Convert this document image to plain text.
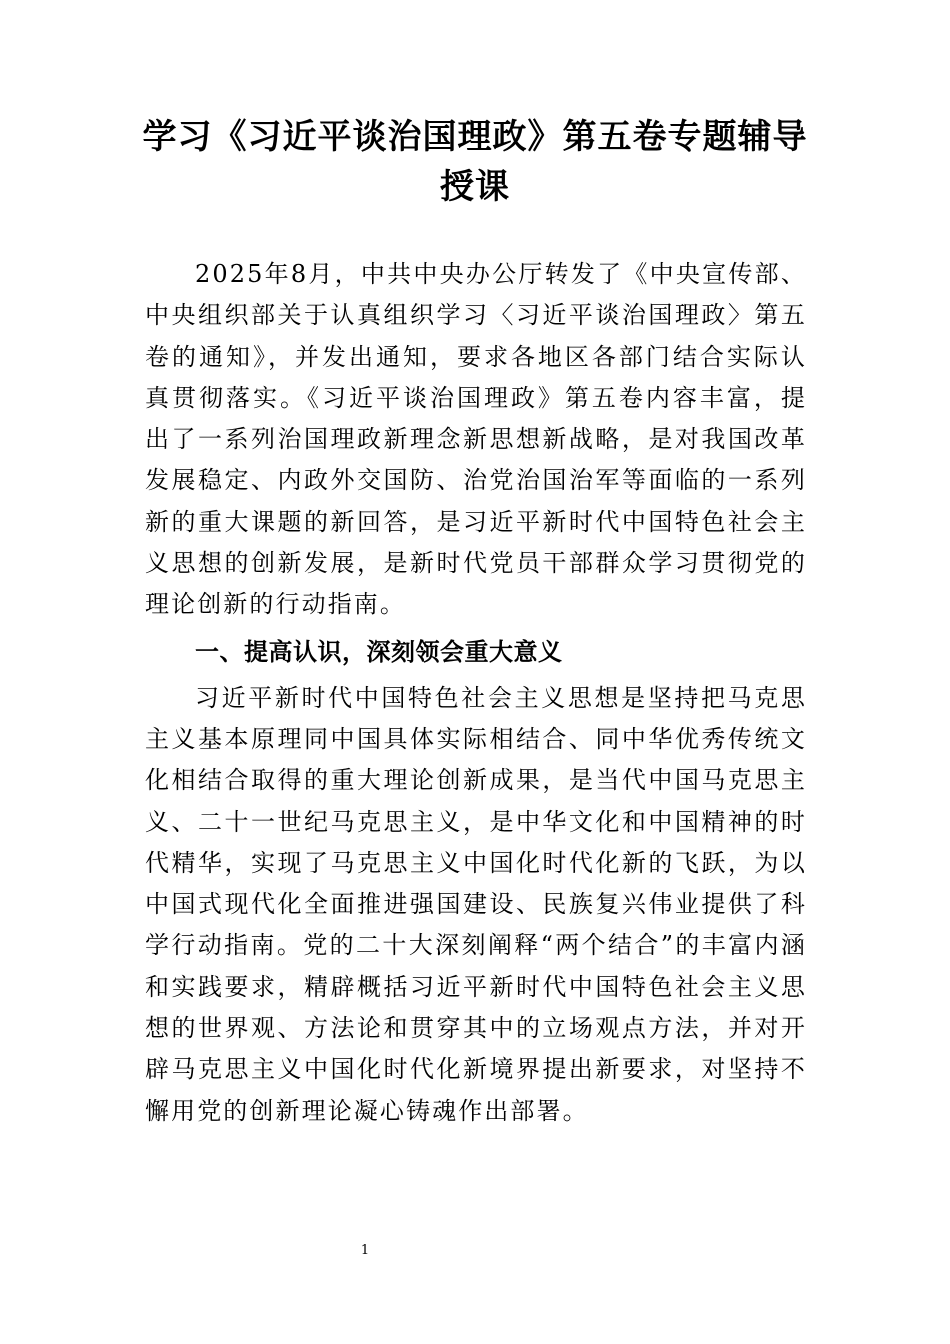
学习《习近平谈治国理政》第五卷专题辅导授课

2025年8月，中共中央办公厅转发了《中央宣传部、中央组织部关于认真组织学习〈习近平谈治国理政〉第五卷的通知》，并发出通知，要求各地区各部门结合实际认真贯彻落实。《习近平谈治国理政》第五卷内容丰富，提出了一系列治国理政新理念新思想新战略，是对我国改革发展稳定、内政外交国防、治党治国治军等面临的一系列新的重大课题的新回答，是习近平新时代中国特色社会主义思想的创新发展，是新时代党员干部群众学习贯彻党的理论创新的行动指南。

一、提高认识，深刻领会重大意义

习近平新时代中国特色社会主义思想是坚持把马克思主义基本原理同中国具体实际相结合、同中华优秀传统文化相结合取得的重大理论创新成果，是当代中国马克思主义、二十一世纪马克思主义，是中华文化和中国精神的时代精华，实现了马克思主义中国化时代化新的飞跃，为以中国式现代化全面推进强国建设、民族复兴伟业提供了科学行动指南。党的二十大深刻阐释“两个结合”的丰富内涵和实践要求，精辟概括习近平新时代中国特色社会主义思想的世界观、方法论和贯穿其中的立场观点方法，并对开辟马克思主义中国化时代化新境界提出新要求，对坚持不懈用党的创新理论凝心铸魂作出部署。

1
